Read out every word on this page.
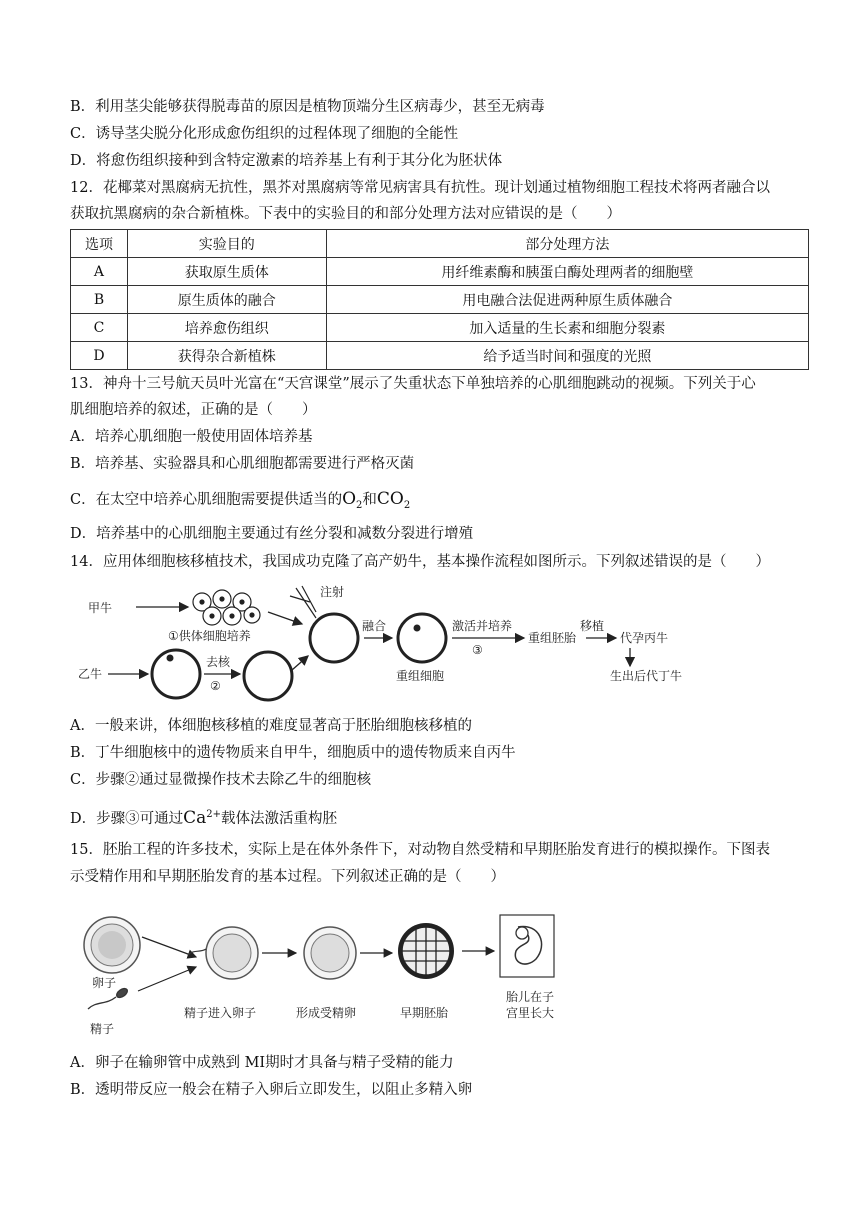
B．利用茎尖能够获得脱毒苗的原因是植物顶端分生区病毒少，甚至无病毒
C．诱导茎尖脱分化形成愈伤组织的过程体现了细胞的全能性
D．将愈伤组织接种到含特定激素的培养基上有利于其分化为胚状体
12．花椰菜对黑腐病无抗性，黑芥对黑腐病等常见病害具有抗性。现计划通过植物细胞工程技术将两者融合以
获取抗黑腐病的杂合新植株。下表中的实验目的和部分处理方法对应错误的是（　　）
选项	实验目的	部分处理方法
A	获取原生质体	用纤维素酶和胰蛋白酶处理两者的细胞壁
B	原生质体的融合	用电融合法促进两种原生质体融合
C	培养愈伤组织	加入适量的生长素和细胞分裂素
D	获得杂合新植株	给予适当时间和强度的光照
13．神舟十三号航天员叶光富在“天宫课堂”展示了失重状态下单独培养的心肌细胞跳动的视频。下列关于心
肌细胞培养的叙述，正确的是（　　）
A．培养心肌细胞一般使用固体培养基
B．培养基、实验器具和心肌细胞都需要进行严格灭菌
C．在太空中培养心肌细胞需要提供适当的$O_2$和$CO_2$
D．培养基中的心肌细胞主要通过有丝分裂和减数分裂进行增殖
14．应用体细胞核移植技术，我国成功克隆了高产奶牛，基本操作流程如图所示。下列叙述错误的是（　　）
甲牛
①供体细胞培养
注射
乙牛
去核
②
融合
重组细胞
激活并培养
③
重组胚胎
移植
代孕丙牛
生出后代丁牛
A．一般来讲，体细胞核移植的难度显著高于胚胎细胞核移植的
B．丁牛细胞核中的遗传物质来自甲牛，细胞质中的遗传物质来自丙牛
C．步骤②通过显微操作技术去除乙牛的细胞核
D．步骤③可通过$Ca^{2+}$载体法激活重构胚
15．胚胎工程的许多技术，实际上是在体外条件下，对动物自然受精和早期胚胎发育进行的模拟操作。下图表
示受精作用和早期胚胎发育的基本过程。下列叙述正确的是（　　）
卵子
精子
精子进入卵子	形成受精卵	早期胚胎
胎儿在子
宫里长大
A．卵子在输卵管中成熟到 MⅠ期时才具备与精子受精的能力
B．透明带反应一般会在精子入卵后立即发生，以阻止多精入卵
